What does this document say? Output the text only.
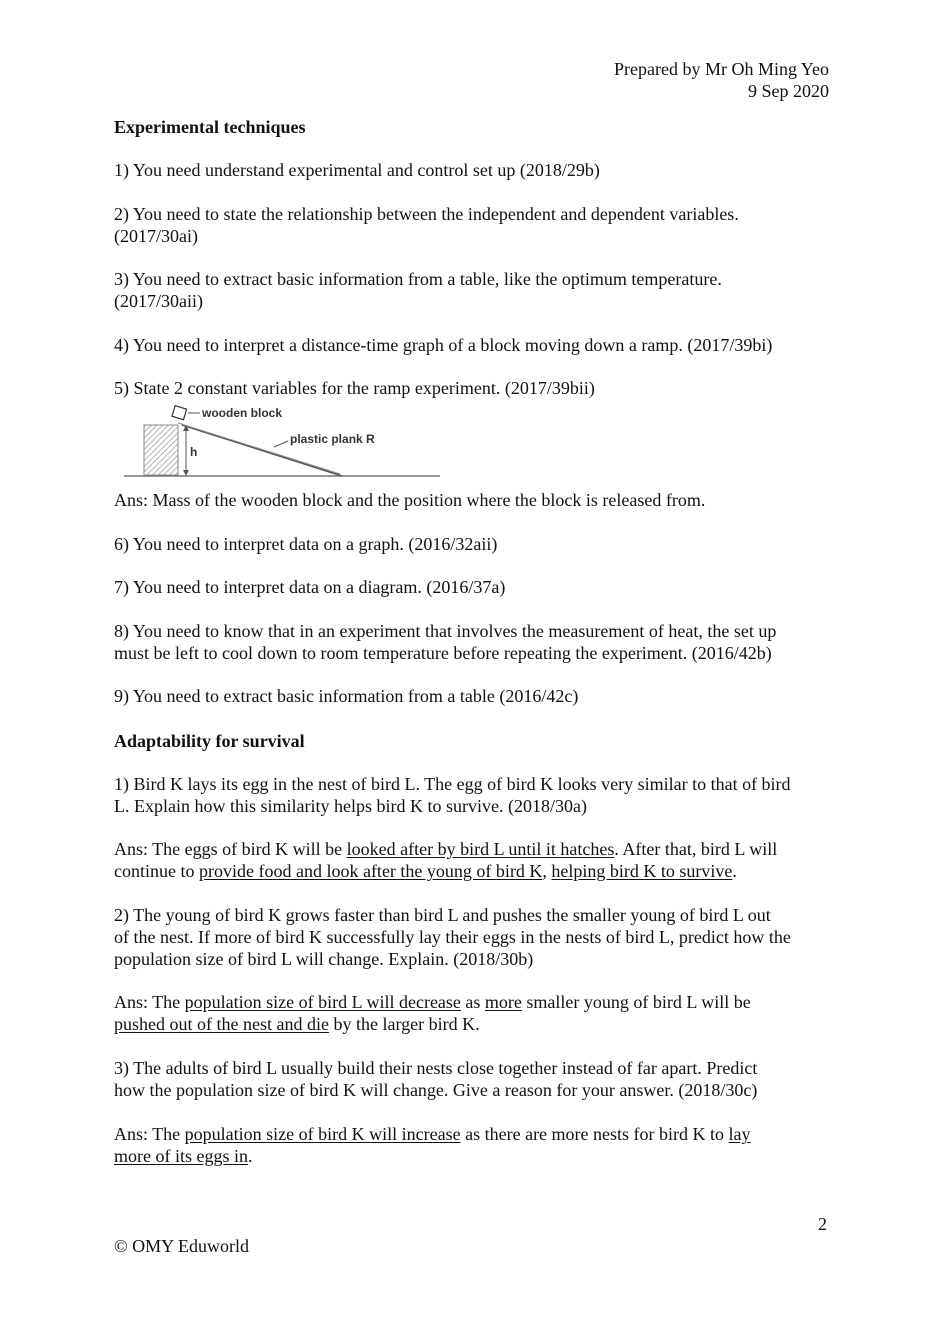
Prepared by Mr Oh Ming Yeo
9 Sep 2020
Experimental techniques
1) You need understand experimental and control set up (2018/29b)
2) You need to state the relationship between the independent and dependent variables.
(2017/30ai)
3) You need to extract basic information from a table, like the optimum temperature.
(2017/30aii)
4) You need to interpret a distance-time graph of a block moving down a ramp. (2017/39bi)
5) State 2 constant variables for the ramp experiment. (2017/39bii)
wooden block
plastic plank R
h
Ans: Mass of the wooden block and the position where the block is released from.
6) You need to interpret data on a graph. (2016/32aii)
7) You need to interpret data on a diagram. (2016/37a)
8) You need to know that in an experiment that involves the measurement of heat, the set up
must be left to cool down to room temperature before repeating the experiment. (2016/42b)
9) You need to extract basic information from a table (2016/42c)
Adaptability for survival
1) Bird K lays its egg in the nest of bird L. The egg of bird K looks very similar to that of bird
L. Explain how this similarity helps bird K to survive. (2018/30a)
Ans: The eggs of bird K will be looked after by bird L until it hatches. After that, bird L will
continue to provide food and look after the young of bird K, helping bird K to survive.
2) The young of bird K grows faster than bird L and pushes the smaller young of bird L out
of the nest. If more of bird K successfully lay their eggs in the nests of bird L, predict how the
population size of bird L will change. Explain. (2018/30b)
Ans: The population size of bird L will decrease as more smaller young of bird L will be
pushed out of the nest and die by the larger bird K.
3) The adults of bird L usually build their nests close together instead of far apart. Predict
how the population size of bird K will change. Give a reason for your answer. (2018/30c)
Ans: The population size of bird K will increase as there are more nests for bird K to lay
more of its eggs in.
2
© OMY Eduworld
